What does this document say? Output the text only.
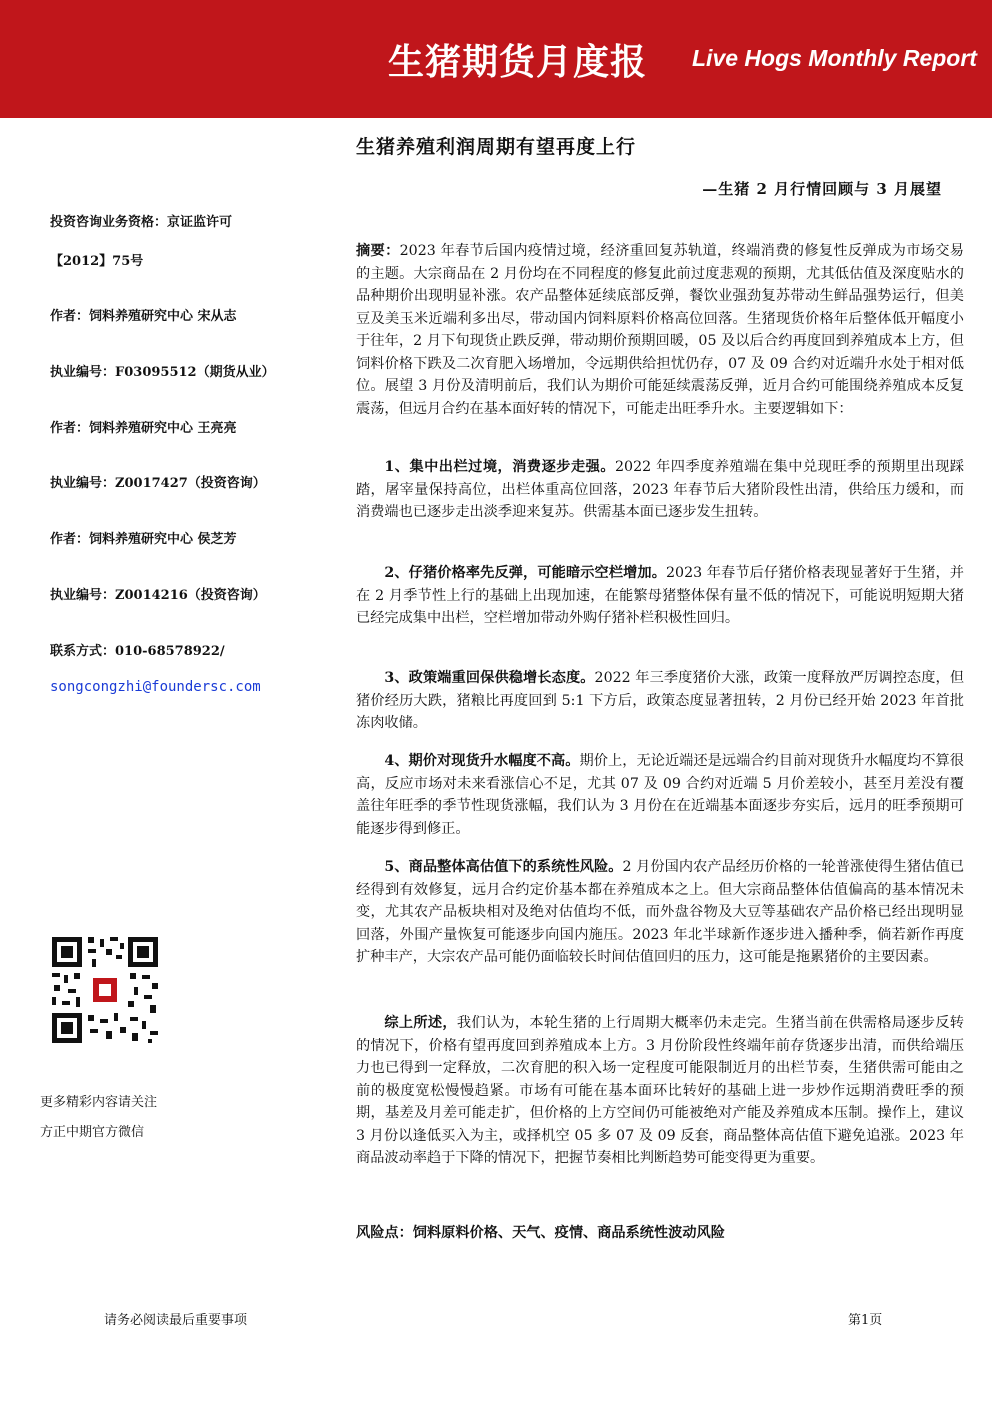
生猪期货月度报 Live Hogs Monthly Report
生猪养殖利润周期有望再度上行
—生猪 2 月行情回顾与 3 月展望
投资咨询业务资格：京证监许可
【2012】75号
作者：饲料养殖研究中心 宋从志
执业编号：F03095512（期货从业）
作者：饲料养殖研究中心 王亮亮
执业编号：Z0017427（投资咨询）
作者：饲料养殖研究中心 侯芝芳
执业编号：Z0014216（投资咨询）
联系方式：010-68578922/
songcongzhi@foundersc.com
更多精彩内容请关注
方正中期官方微信

摘要：2023 年春节后国内疫情过境，经济重回复苏轨道，终端消费的修复性反弹成为市场交易的主题。大宗商品在 2 月份均在不同程度的修复此前过度悲观的预期，尤其低估值及深度贴水的品种期价出现明显补涨。农产品整体延续底部反弹，餐饮业强劲复苏带动生鲜品强势运行，但美豆及美玉米近端利多出尽，带动国内饲料原料价格高位回落。生猪现货价格年后整体低开幅度小于往年，2 月下旬现货止跌反弹，带动期价预期回暖，05 及以后合约再度回到养殖成本上方，但饲料价格下跌及二次育肥入场增加，令远期供给担忧仍存，07 及 09 合约对近端升水处于相对低位。展望 3 月份及清明前后，我们认为期价可能延续震荡反弹，近月合约可能围绕养殖成本反复震荡，但远月合约在基本面好转的情况下，可能走出旺季升水。主要逻辑如下：

1、集中出栏过境，消费逐步走强。2022 年四季度养殖端在集中兑现旺季的预期里出现踩踏，屠宰量保持高位，出栏体重高位回落，2023 年春节后大猪阶段性出清，供给压力缓和，而消费端也已逐步走出淡季迎来复苏。供需基本面已逐步发生扭转。

2、仔猪价格率先反弹，可能暗示空栏增加。2023 年春节后仔猪价格表现显著好于生猪，并在 2 月季节性上行的基础上出现加速，在能繁母猪整体保有量不低的情况下，可能说明短期大猪已经完成集中出栏，空栏增加带动外购仔猪补栏积极性回归。

3、政策端重回保供稳增长态度。2022 年三季度猪价大涨，政策一度释放严厉调控态度，但猪价经历大跌，猪粮比再度回到 5:1 下方后，政策态度显著扭转，2 月份已经开始 2023 年首批冻肉收储。

4、期价对现货升水幅度不高。期价上，无论近端还是远端合约目前对现货升水幅度均不算很高，反应市场对未来看涨信心不足，尤其 07 及 09 合约对近端 5 月价差较小，甚至月差没有覆盖往年旺季的季节性现货涨幅，我们认为 3 月份在在近端基本面逐步夯实后，远月的旺季预期可能逐步得到修正。

5、商品整体高估值下的系统性风险。2 月份国内农产品经历价格的一轮普涨使得生猪估值已经得到有效修复，远月合约定价基本都在养殖成本之上。但大宗商品整体估值偏高的基本情况未变，尤其农产品板块相对及绝对估值均不低，而外盘谷物及大豆等基础农产品价格已经出现明显回落，外围产量恢复可能逐步向国内施压。2023 年北半球新作逐步进入播种季，倘若新作再度扩种丰产，大宗农产品可能仍面临较长时间估值回归的压力，这可能是拖累猪价的主要因素。

综上所述，我们认为，本轮生猪的上行周期大概率仍未走完。生猪当前在供需格局逐步反转的情况下，价格有望再度回到养殖成本上方。3 月份阶段性终端年前存货逐步出清，而供给端压力也已得到一定释放，二次育肥的积入场一定程度可能限制近月的出栏节奏，生猪供需可能由之前的极度宽松慢慢趋紧。市场有可能在基本面环比转好的基础上进一步炒作远期消费旺季的预期，基差及月差可能走扩，但价格的上方空间仍可能被绝对产能及养殖成本压制。操作上，建议 3 月份以逢低买入为主，或择机空 05 多 07 及 09 反套，商品整体高估值下避免追涨。2023 年商品波动率趋于下降的情况下，把握节奏相比判断趋势可能变得更为重要。

风险点：饲料原料价格、天气、疫情、商品系统性波动风险
请务必阅读最后重要事项	第1页
